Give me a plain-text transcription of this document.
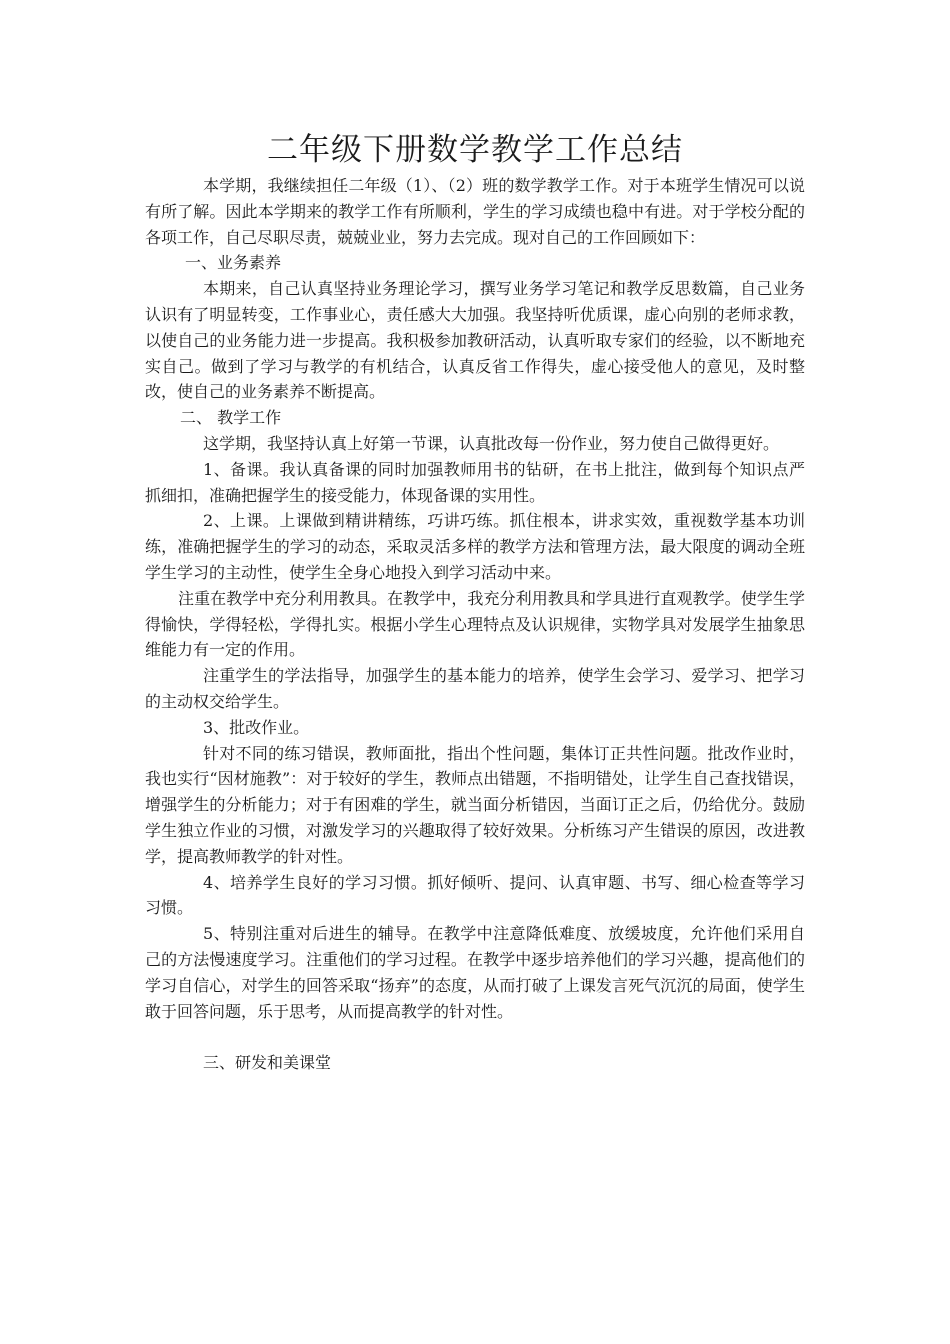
二年级下册数学教学工作总结

本学期，我继续担任二年级（1）、（2）班的数学教学工作。对于本班学生情况可以说有所了解。因此本学期来的教学工作有所顺利，学生的学习成绩也稳中有进。对于学校分配的各项工作，自己尽职尽责，兢兢业业，努力去完成。现对自己的工作回顾如下：

一、业务素养

本期来，自己认真坚持业务理论学习，撰写业务学习笔记和教学反思数篇，自己业务认识有了明显转变，工作事业心，责任感大大加强。我坚持听优质课，虚心向别的老师求教，以使自己的业务能力进一步提高。我积极参加教研活动，认真听取专家们的经验，以不断地充实自己。做到了学习与教学的有机结合，认真反省工作得失，虚心接受他人的意见，及时整改，使自己的业务素养不断提高。

二、 教学工作

这学期，我坚持认真上好第一节课，认真批改每一份作业，努力使自己做得更好。

1、备课。我认真备课的同时加强教师用书的钻研，在书上批注，做到每个知识点严抓细扣，准确把握学生的接受能力，体现备课的实用性。

2、上课。上课做到精讲精练，巧讲巧练。抓住根本，讲求实效，重视数学基本功训练，准确把握学生的学习的动态，采取灵活多样的教学方法和管理方法，最大限度的调动全班学生学习的主动性，使学生全身心地投入到学习活动中来。

注重在教学中充分利用教具。在教学中，我充分利用教具和学具进行直观教学。使学生学得愉快，学得轻松，学得扎实。根据小学生心理特点及认识规律，实物学具对发展学生抽象思维能力有一定的作用。

注重学生的学法指导，加强学生的基本能力的培养，使学生会学习、爱学习、把学习的主动权交给学生。

3、批改作业。

针对不同的练习错误，教师面批，指出个性问题，集体订正共性问题。批改作业时，我也实行“因材施教”：对于较好的学生，教师点出错题，不指明错处，让学生自己查找错误，增强学生的分析能力；对于有困难的学生，就当面分析错因，当面订正之后，仍给优分。鼓励学生独立作业的习惯，对激发学习的兴趣取得了较好效果。分析练习产生错误的原因，改进教学，提高教师教学的针对性。

4、培养学生良好的学习习惯。抓好倾听、提问、认真审题、书写、细心检查等学习习惯。

5、特别注重对后进生的辅导。在教学中注意降低难度、放缓坡度，允许他们采用自己的方法慢速度学习。注重他们的学习过程。在教学中逐步培养他们的学习兴趣，提高他们的学习自信心，对学生的回答采取“扬弃”的态度，从而打破了上课发言死气沉沉的局面，使学生敢于回答问题，乐于思考，从而提高教学的针对性。

三、研发和美课堂
